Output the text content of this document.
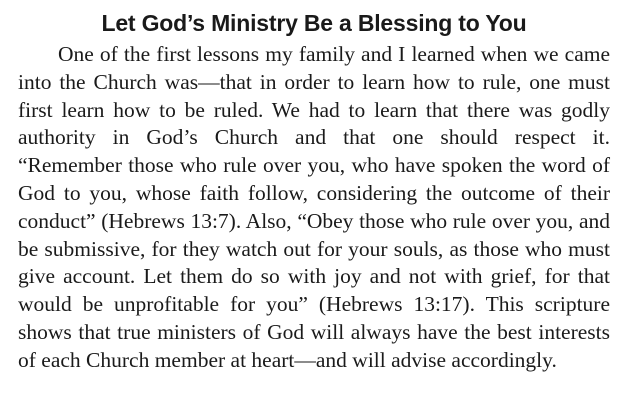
Let God’s Ministry Be a Blessing to You

One of the first lessons my family and I learned when we came into the Church was—that in order to learn how to rule, one must first learn how to be ruled. We had to learn that there was godly authority in God’s Church and that one should respect it. “Remember those who rule over you, who have spoken the word of God to you, whose faith follow, considering the outcome of their conduct” (Hebrews 13:7). Also, “Obey those who rule over you, and be submissive, for they watch out for your souls, as those who must give account. Let them do so with joy and not with grief, for that would be unprofitable for you” (Hebrews 13:17). This scripture shows that true ministers of God will always have the best interests of each Church member at heart—and will advise accordingly.
